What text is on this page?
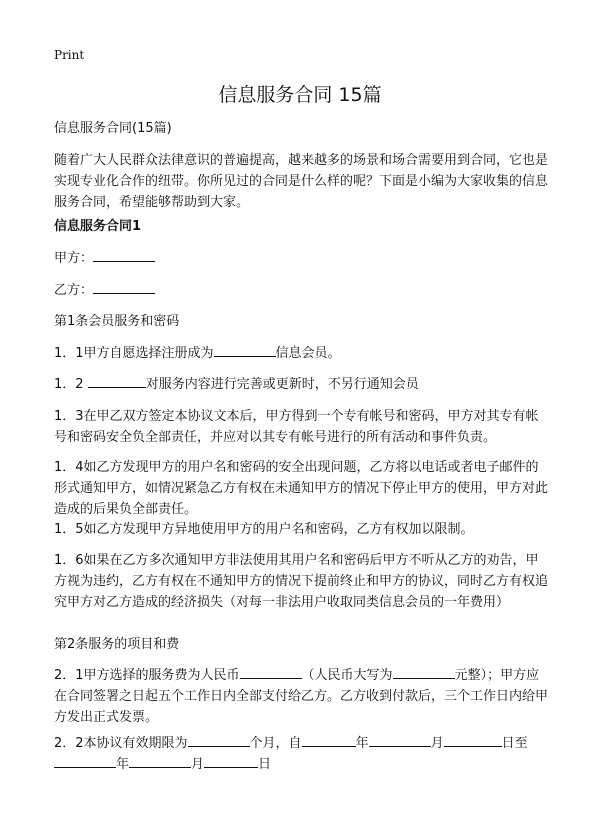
Print
信息服务合同 15篇
信息服务合同(15篇)
随着广大人民群众法律意识的普遍提高，越来越多的场景和场合需要用到合同，它也是实现专业化合作的纽带。你所见过的合同是什么样的呢？下面是小编为大家收集的信息服务合同，希望能够帮助到大家。
信息服务合同1
甲方：
乙方：
第1条会员服务和密码
1．1甲方自愿选择注册成为	信息会员。
1．2	对服务内容进行完善或更新时，不另行通知会员
1．3在甲乙双方签定本协议文本后，甲方得到一个专有帐号和密码，甲方对其专有帐号和密码安全负全部责任，并应对以其专有帐号进行的所有活动和事件负责。
1．4如乙方发现甲方的用户名和密码的安全出现问题，乙方将以电话或者电子邮件的形式通知甲方，如情况紧急乙方有权在未通知甲方的情况下停止甲方的使用，甲方对此造成的后果负全部责任。
1．5如乙方发现甲方异地使用甲方的用户名和密码，乙方有权加以限制。
1．6如果在乙方多次通知甲方非法使用其用户名和密码后甲方不听从乙方的劝告，甲方视为违约，乙方有权在不通知甲方的情况下提前终止和甲方的协议，同时乙方有权追究甲方对乙方造成的经济损失（对每一非法用户收取同类信息会员的一年费用）
第2条服务的项目和费
2．1甲方选择的服务费为人民币	（人民币大写为	元整）；甲方应在合同签署之日起五个工作日内全部支付给乙方。乙方收到付款后，三个工作日内给甲方发出正式发票。
2．2本协议有效期限为	个月，自	年	月	日至
年	月	日
